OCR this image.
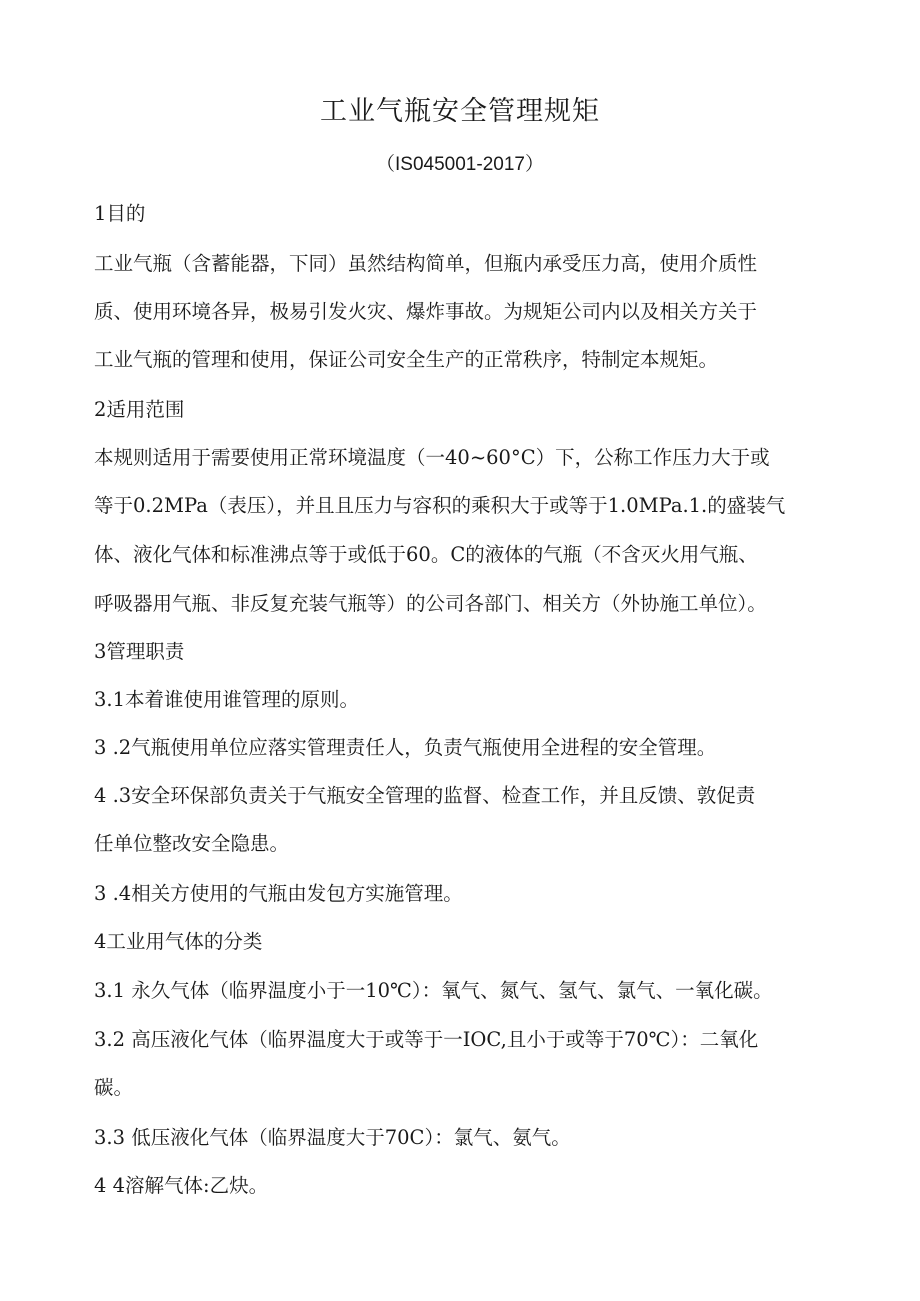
工业气瓶安全管理规矩
（IS045001-2017）
1目的
工业气瓶（含蓄能器，下同）虽然结构简单，但瓶内承受压力高，使用介质性
质、使用环境各异，极易引发火灾、爆炸事故。为规矩公司内以及相关方关于
工业气瓶的管理和使用，保证公司安全生产的正常秩序，特制定本规矩。
2适用范围
本规则适用于需要使用正常环境温度（一40~60°C）下，公称工作压力大于或
等于0.2MPa（表压），并且且压力与容积的乘积大于或等于1.0MPa.1.的盛装气
体、液化气体和标准沸点等于或低于60。C的液体的气瓶（不含灭火用气瓶、
呼吸器用气瓶、非反复充装气瓶等）的公司各部门、相关方（外协施工单位）。
3管理职责
3.1本着谁使用谁管理的原则。
3 .2气瓶使用单位应落实管理责任人，负责气瓶使用全进程的安全管理。
4 .3安全环保部负责关于气瓶安全管理的监督、检查工作，并且反馈、敦促责
任单位整改安全隐患。
3 .4相关方使用的气瓶由发包方实施管理。
4工业用气体的分类
3.1 永久气体（临界温度小于一10℃）：氧气、氮气、氢气、氯气、一氧化碳。
3.2 高压液化气体（临界温度大于或等于一IOC,且小于或等于70℃）：二氧化
碳。
3.3 低压液化气体（临界温度大于70C）：氯气、氨气。
4 4溶解气体:乙炔。
